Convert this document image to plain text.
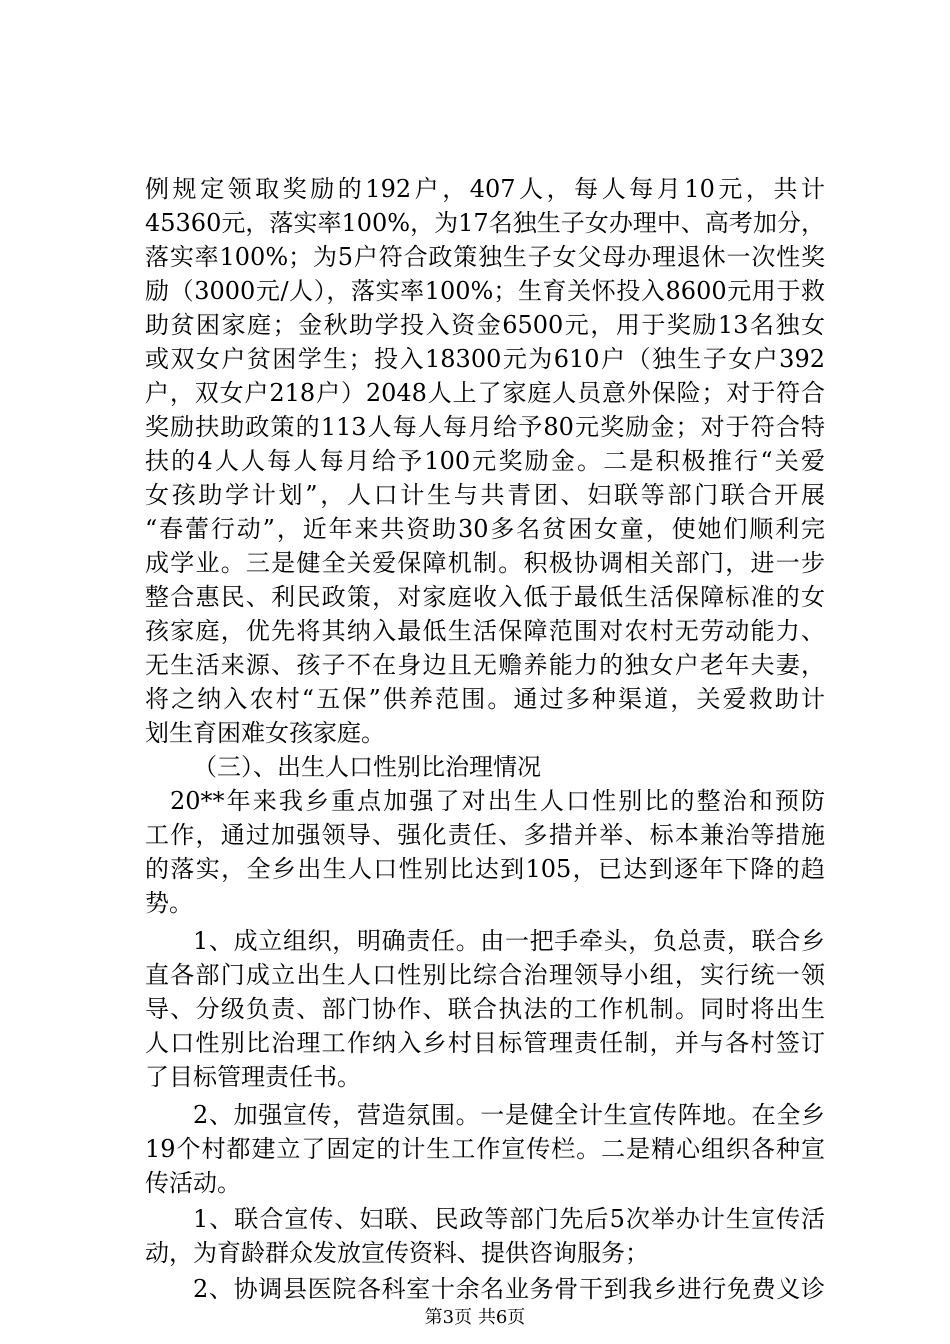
例规定领取奖励的192户，407人，每人每月10元，共计
45360元，落实率100%，为17名独生子女办理中、高考加分，
落实率100%；为5户符合政策独生子女父母办理退休一次性奖
励（3000元/人），落实率100%；生育关怀投入8600元用于救
助贫困家庭；金秋助学投入资金6500元，用于奖励13名独女
或双女户贫困学生；投入18300元为610户（独生子女户392
户，双女户218户）2048人上了家庭人员意外保险；对于符合
奖励扶助政策的113人每人每月给予80元奖励金；对于符合特
扶的4人人每人每月给予100元奖励金。二是积极推行“关爱
女孩助学计划”，人口计生与共青团、妇联等部门联合开展
“春蕾行动”，近年来共资助30多名贫困女童，使她们顺利完
成学业。三是健全关爱保障机制。积极协调相关部门，进一步
整合惠民、利民政策，对家庭收入低于最低生活保障标准的女
孩家庭，优先将其纳入最低生活保障范围对农村无劳动能力、
无生活来源、孩子不在身边且无赡养能力的独女户老年夫妻，
将之纳入农村“五保”供养范围。通过多种渠道，关爱救助计
划生育困难女孩家庭。
（三）、出生人口性别比治理情况
20**年来我乡重点加强了对出生人口性别比的整治和预防
工作，通过加强领导、强化责任、多措并举、标本兼治等措施
的落实，全乡出生人口性别比达到105，已达到逐年下降的趋
势。
1、成立组织，明确责任。由一把手牵头，负总责，联合乡
直各部门成立出生人口性别比综合治理领导小组，实行统一领
导、分级负责、部门协作、联合执法的工作机制。同时将出生
人口性别比治理工作纳入乡村目标管理责任制，并与各村签订
了目标管理责任书。
2、加强宣传，营造氛围。一是健全计生宣传阵地。在全乡
19个村都建立了固定的计生工作宣传栏。二是精心组织各种宣
传活动。
1、联合宣传、妇联、民政等部门先后5次举办计生宣传活
动，为育龄群众发放宣传资料、提供咨询服务；
2、协调县医院各科室十余名业务骨干到我乡进行免费义诊
第3页 共6页
